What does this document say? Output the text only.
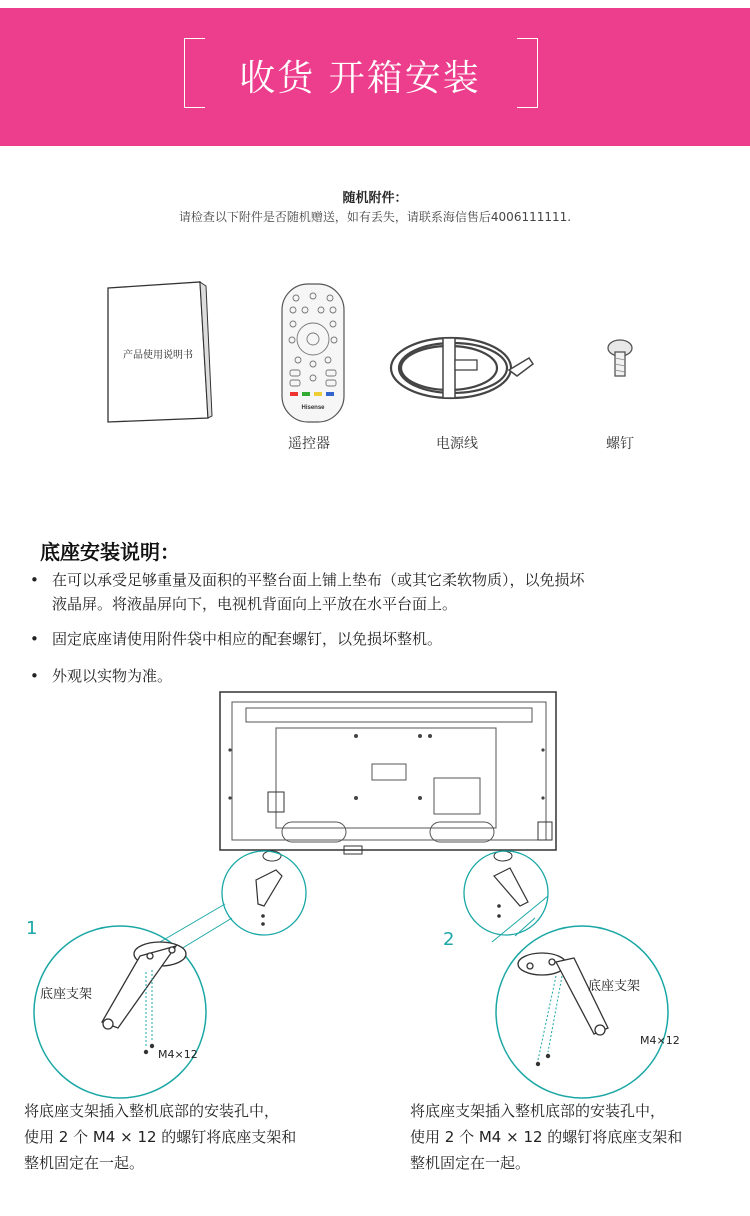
收货 开箱安装
随机附件：
请检查以下附件是否随机赠送，如有丢失，请联系海信售后4006111111.
产品使用说明书
Hisense
遥控器	电源线	螺钉
底座安装说明：
• 在可以承受足够重量及面积的平整台面上铺上垫布（或其它柔软物质），以免损坏
液晶屏。将液晶屏向下，电视机背面向上平放在水平台面上。
• 固定底座请使用附件袋中相应的配套螺钉，以免损坏整机。
• 外观以实物为准。
1
2
底座支架
M4×12
底座支架
M4×12
将底座支架插入整机底部的安装孔中，
使用 2 个 M4 × 12 的螺钉将底座支架和
整机固定在一起。
将底座支架插入整机底部的安装孔中，
使用 2 个 M4 × 12 的螺钉将底座支架和
整机固定在一起。
